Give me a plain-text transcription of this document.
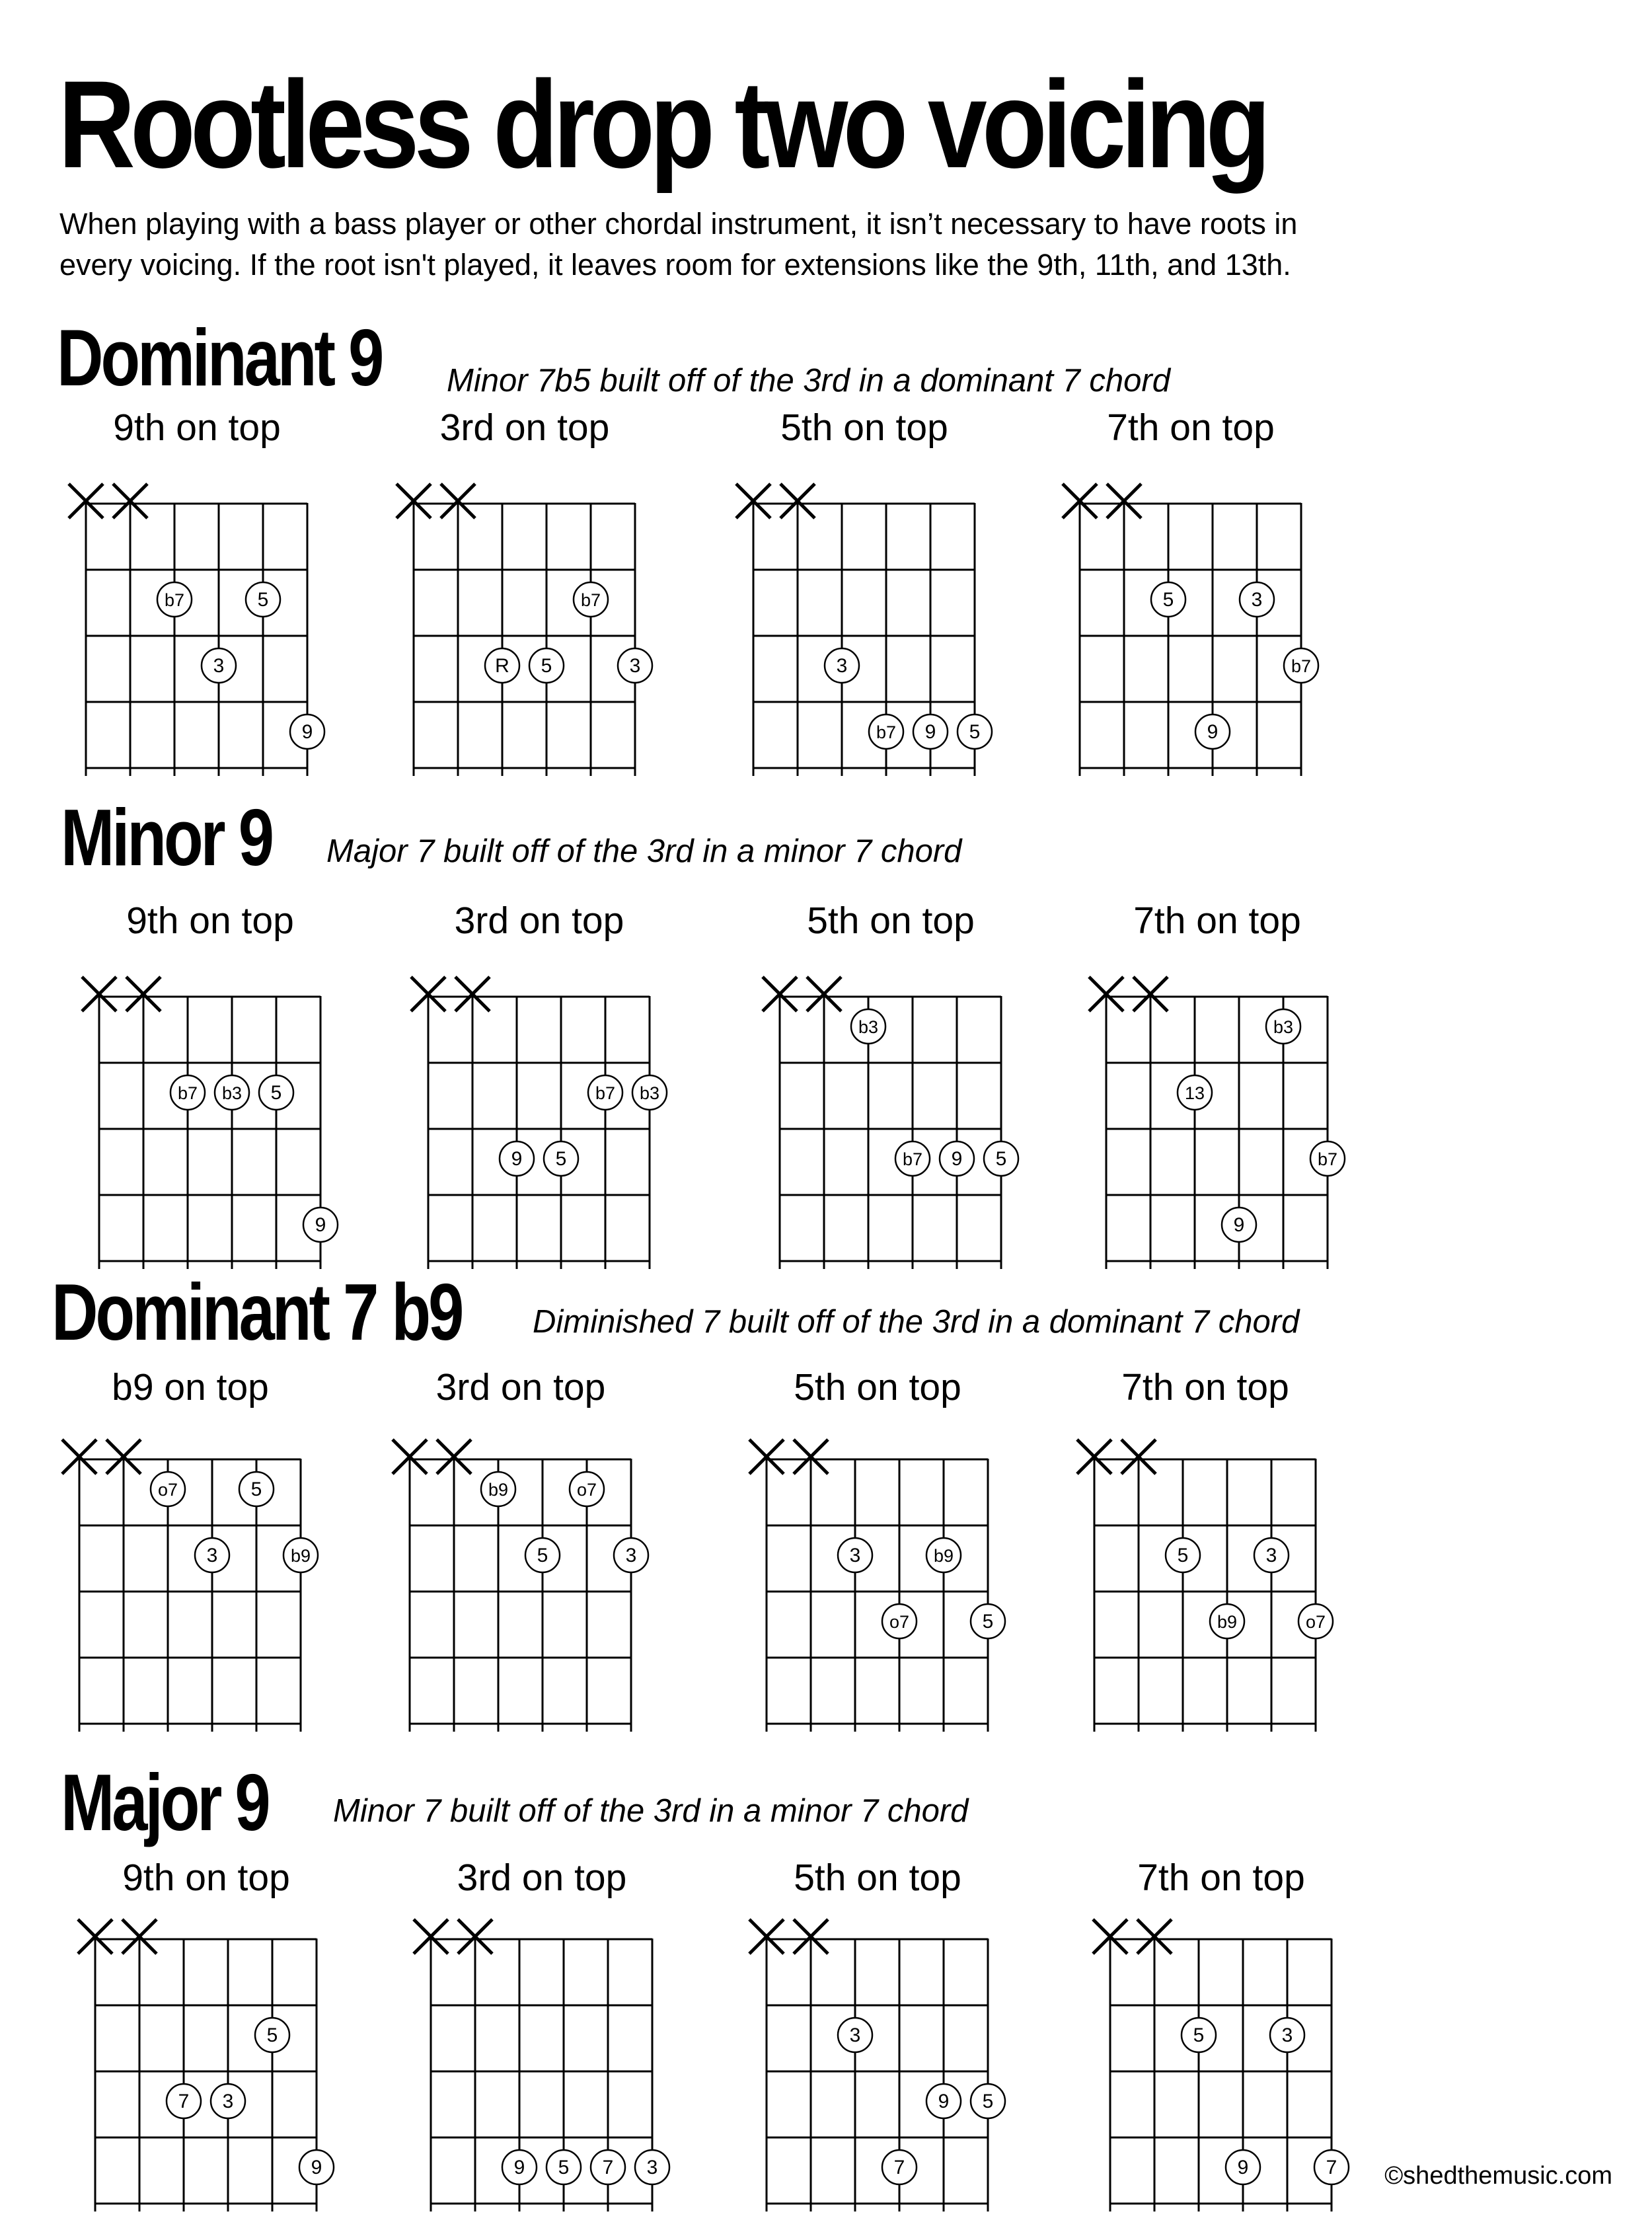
Rootless drop two voicing

When playing with a bass player or other chordal instrument, it isn’t necessary to have roots in
every voicing. If the root isn't played, it leaves room for extensions like the 9th, 11th, and 13th.

Dominant 9	Minor 7b5 built off of the 3rd in a dominant 7 chord
Minor 9	Major 7 built off of the 3rd in a minor 7 chord
Dominant 7 b9	Diminished 7 built off of the 3rd in a dominant 7 chord
Major 9	Minor 7 built off of the 3rd in a minor 7 chord
9th on top
b7	5
3
9
3rd on top
b7
R 5	3
5th on top
3
b7 9 5
7th on top
5	3
b7
9
9th on top
b7 b3 5
9
3rd on top
b7 b3
9 5
5th on top
b3
b7 9 5
7th on top
b3
13
b7
9
b9 on top
o7	5
3	b9
3rd on top
b9	o7
5	3
5th on top
3	b9
o7	5
7th on top
5	3
b9	o7
9th on top
5
7 3
9
3rd on top
9 5 7 3
5th on top
3
9 5
7
7th on top
5	3
9	7 ©shedthemusic.com
